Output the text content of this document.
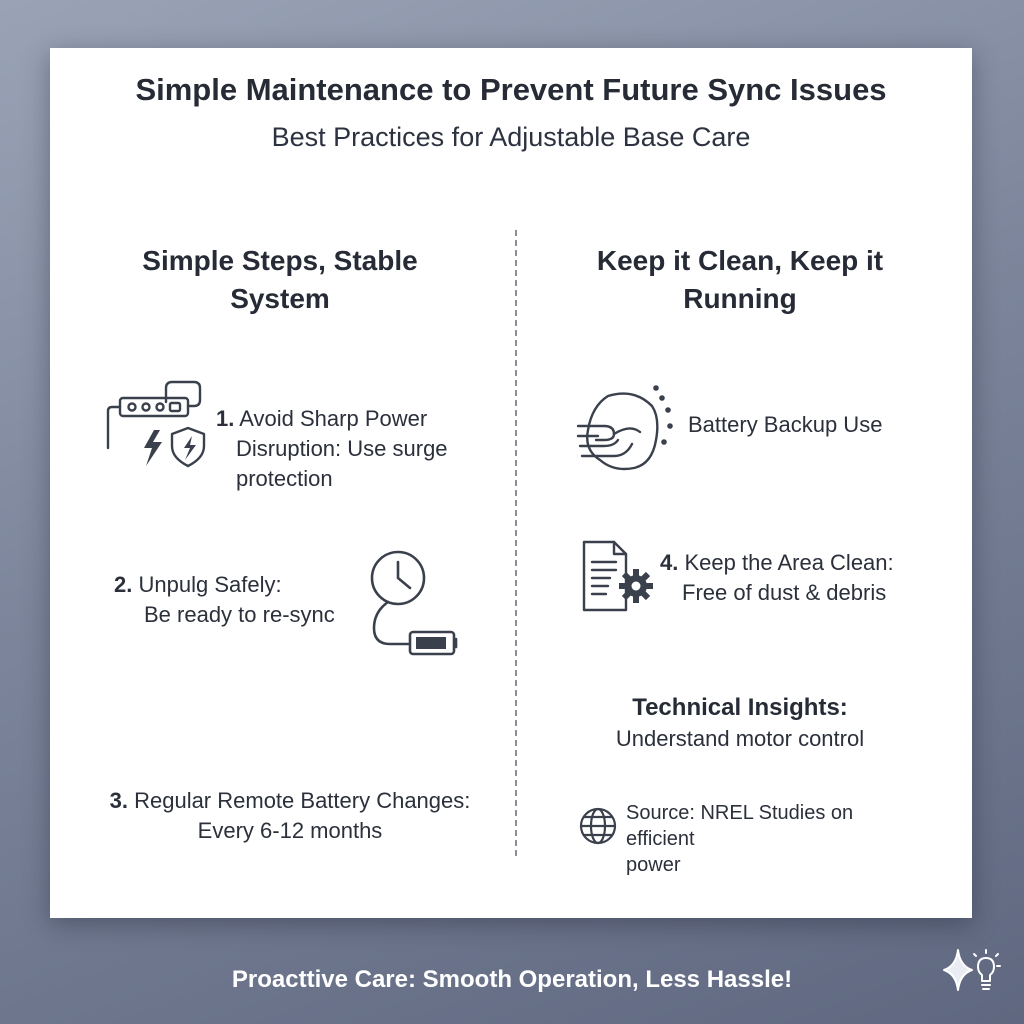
Simple Maintenance to Prevent Future Sync Issues
Best Practices for Adjustable Base Care
Simple Steps, Stable
System
Keep it Clean, Keep it
Running
1. Avoid Sharp Power
Disruption: Use surge protection
2. Unpulg Safely:
Be ready to re-sync
3. Regular Remote Battery Changes:
Every 6-12 months
Battery Backup Use
4. Keep the Area Clean:
Free of dust & debris
Technical Insights:
Understand motor control
Source: NREL Studies on efficient
power
Proacttive Care: Smooth Operation, Less Hassle!
